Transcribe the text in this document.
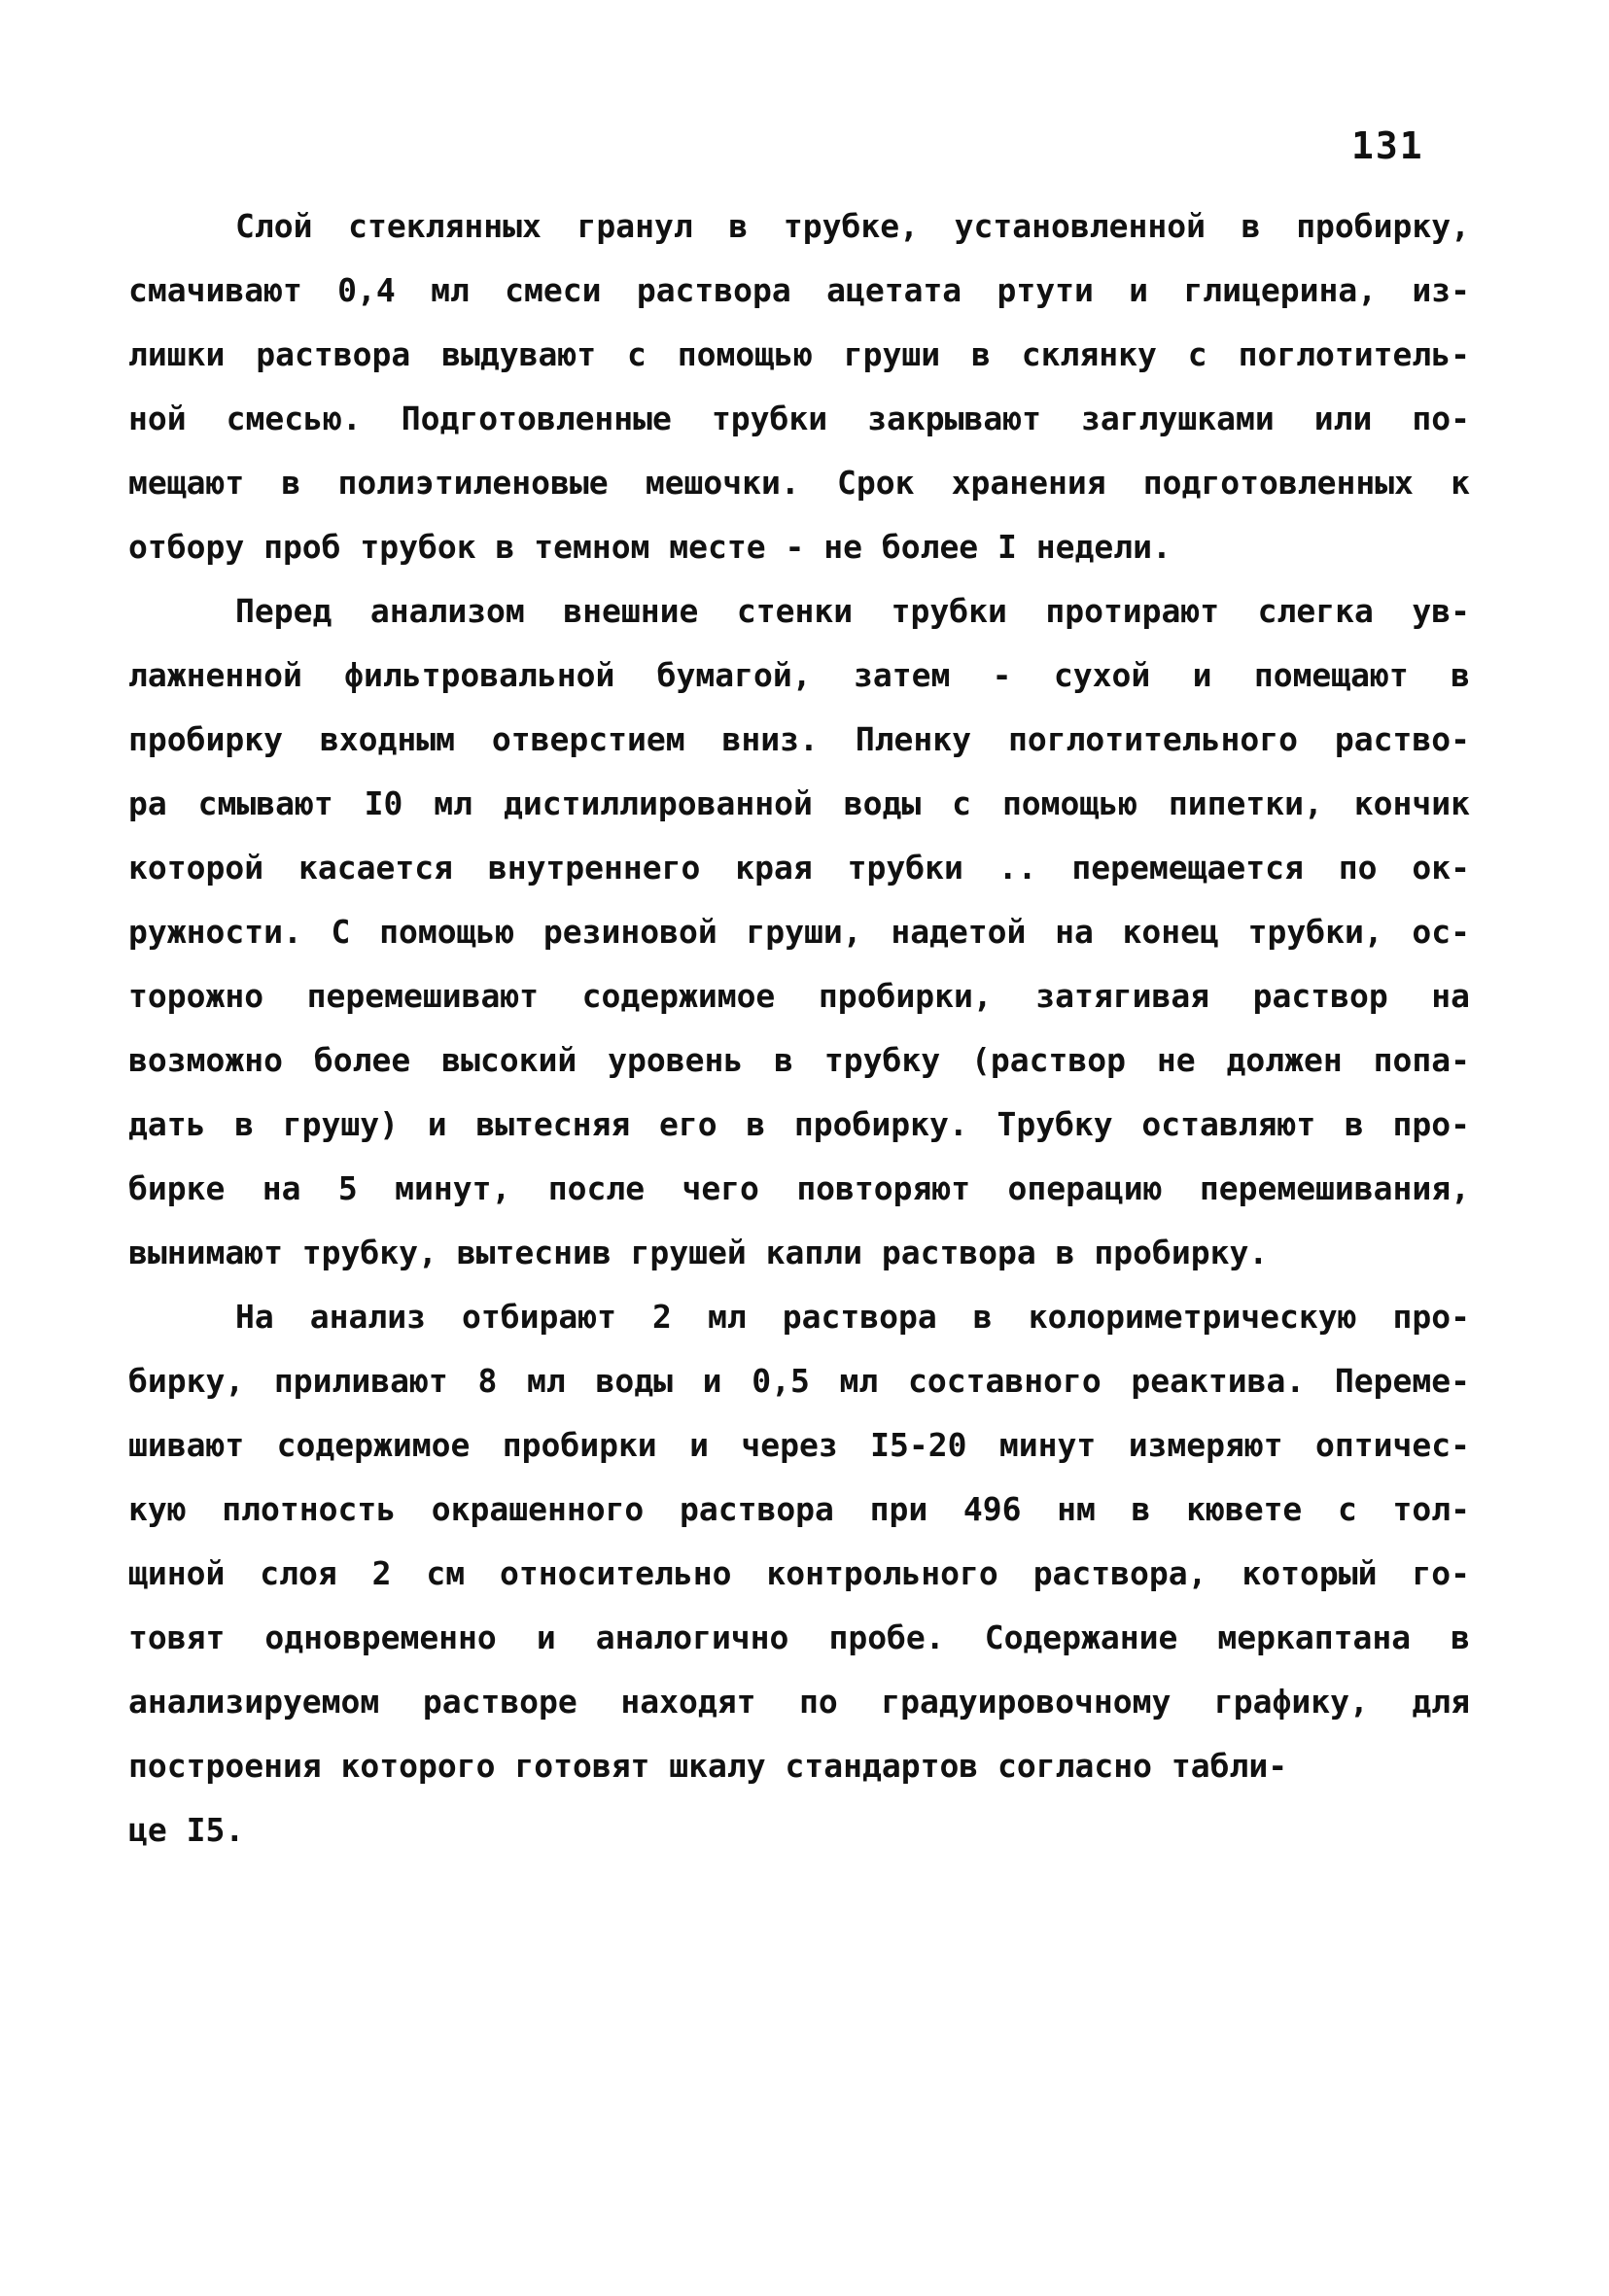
131
Слой стеклянных гранул в трубке, установленной в пробирку,
смачивают 0,4 мл смеси раствора ацетата ртути и глицерина, из-
лишки раствора выдувают с помощью груши в склянку с поглотитель-
ной смесью. Подготовленные трубки закрывают заглушками или по-
мещают в полиэтиленовые мешочки. Срок хранения подготовленных к
отбору проб трубок в темном месте - не более I недели.
Перед анализом внешние стенки трубки протирают слегка ув-
лажненной фильтровальной бумагой, затем - сухой и помещают в
пробирку входным отверстием вниз. Пленку поглотительного раство-
ра смывают I0 мл дистиллированной воды с помощью пипетки, кончик
которой касается внутреннего края трубки .. перемещается по ок-
ружности. С помощью резиновой груши, надетой на конец трубки, ос-
торожно перемешивают содержимое пробирки, затягивая раствор на
возможно более высокий уровень в трубку (раствор не должен попа-
дать в грушу) и вытесняя его в пробирку. Трубку оставляют в про-
бирке на 5 минут, после чего повторяют операцию перемешивания,
вынимают трубку, вытеснив грушей капли раствора в пробирку.
На анализ отбирают 2 мл раствора в колориметрическую про-
бирку, приливают 8 мл воды и 0,5 мл составного реактива. Переме-
шивают содержимое пробирки и через I5-20 минут измеряют оптичес-
кую плотность окрашенного раствора при 496 нм в кювете с тол-
щиной слоя 2 см относительно контрольного раствора, который го-
товят одновременно и аналогично пробе. Содержание меркаптана в
анализируемом растворе находят по градуировочному графику, для
построения которого готовят шкалу стандартов согласно табли-
це I5.
